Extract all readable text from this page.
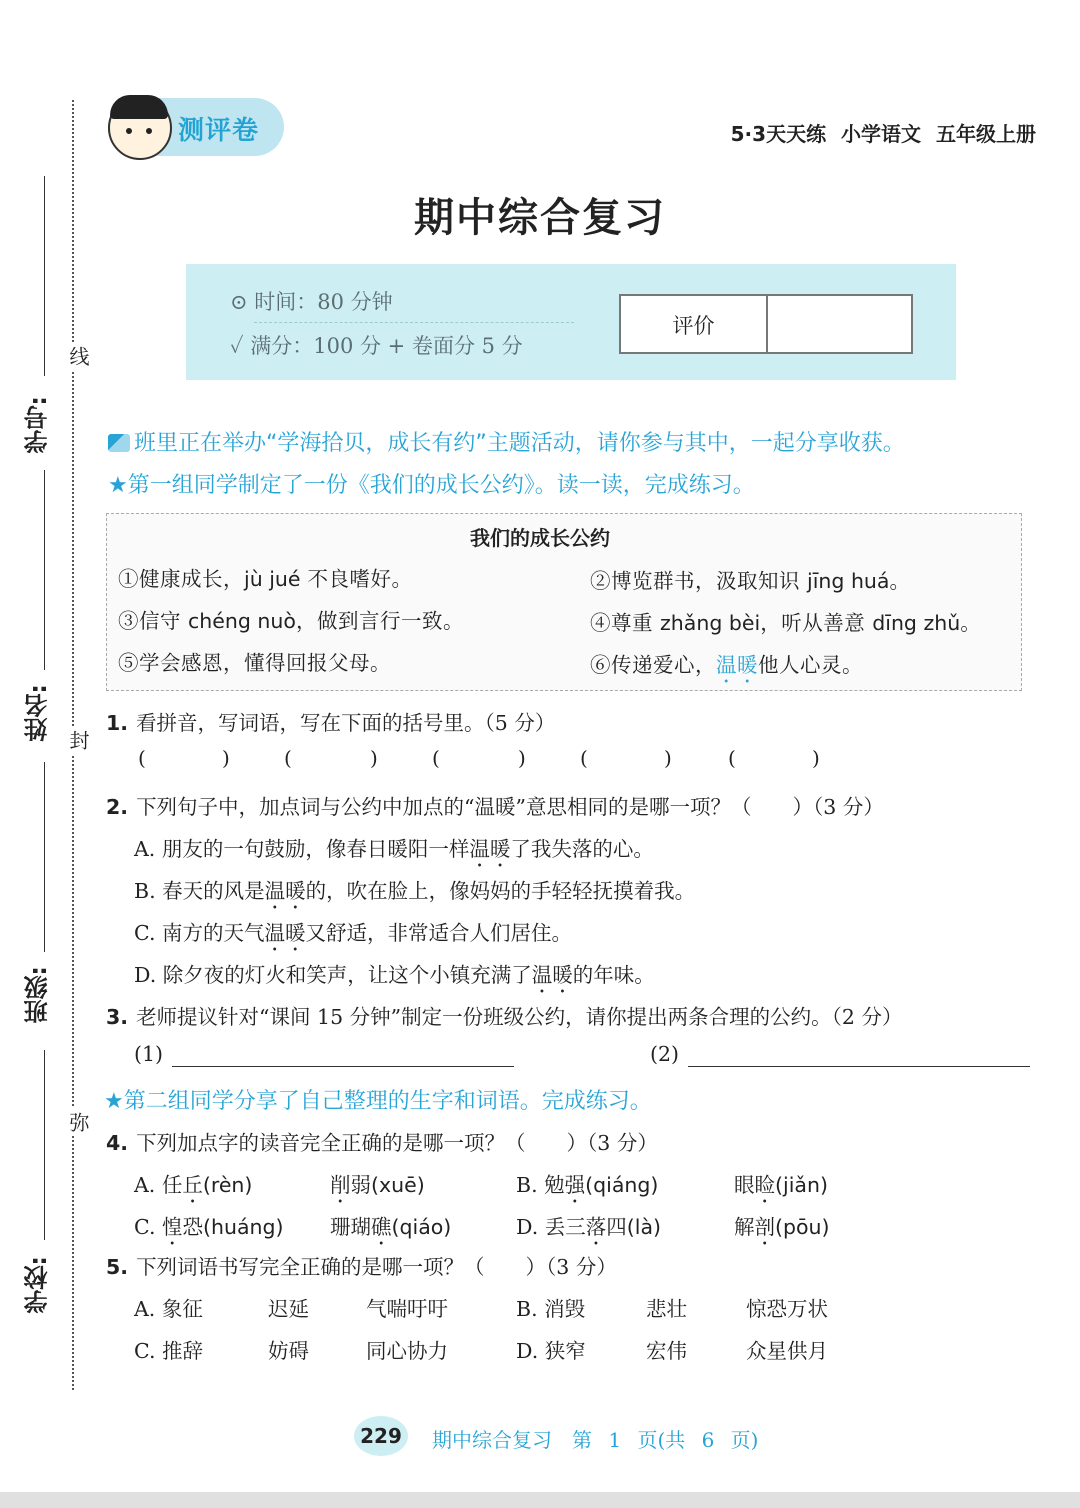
线
封
弥
学号:
姓名:
班级:
学校:
测评卷	5·3天天练 小学语文 五年级上册
期中综合复习
⊙ 时间：80 分钟
✓ 满分：100 分 + 卷面分 5 分
评价
班里正在举办“学海拾贝，成长有约”主题活动，请你参与其中，一起分享收获。
★第一组同学制定了一份《我们的成长公约》。读一读，完成练习。
我们的成长公约
①健康成长，jù jué 不良嗜好。	②博览群书，汲取知识 jīng huá。
③信守 chéng nuò，做到言行一致。	④尊重 zhǎng bèi，听从善意 dīng zhǔ。
⑤学会感恩，懂得回报父母。	⑥传递爱心，温暖他人心灵。
1. 看拼音，写词语，写在下面的括号里。（5 分）
(	)	(	)	(	)	(	)	(	)
2. 下列句子中，加点词与公约中加点的“温暖”意思相同的是哪一项？（　　）（3 分）
A. 朋友的一句鼓励，像春日暖阳一样温暖了我失落的心。
B. 春天的风是温暖的，吹在脸上，像妈妈的手轻轻抚摸着我。
C. 南方的天气温暖又舒适，非常适合人们居住。
D. 除夕夜的灯火和笑声，让这个小镇充满了温暖的年味。
3. 老师提议针对“课间 15 分钟”制定一份班级公约，请你提出两条合理的公约。（2 分）
(1)	(2)
★第二组同学分享了自己整理的生字和词语。完成练习。
4. 下列加点字的读音完全正确的是哪一项？（　　）（3 分）
A. 任丘(rèn)	削弱(xuē)	B. 勉强(qiáng)	眼睑(jiǎn)
C. 惶恐(huáng) 珊瑚礁(qiáo)	D. 丢三落四(là)	解剖(pōu)
5. 下列词语书写完全正确的是哪一项？（　　）（3 分）
A. 象征	迟延	气喘吁吁	B. 消毁	悲壮	惊恐万状
C. 推辞	妨碍	同心协力	D. 狭窄	宏伟	众星供月
229	期中综合复习　第 1 页(共 6 页)
